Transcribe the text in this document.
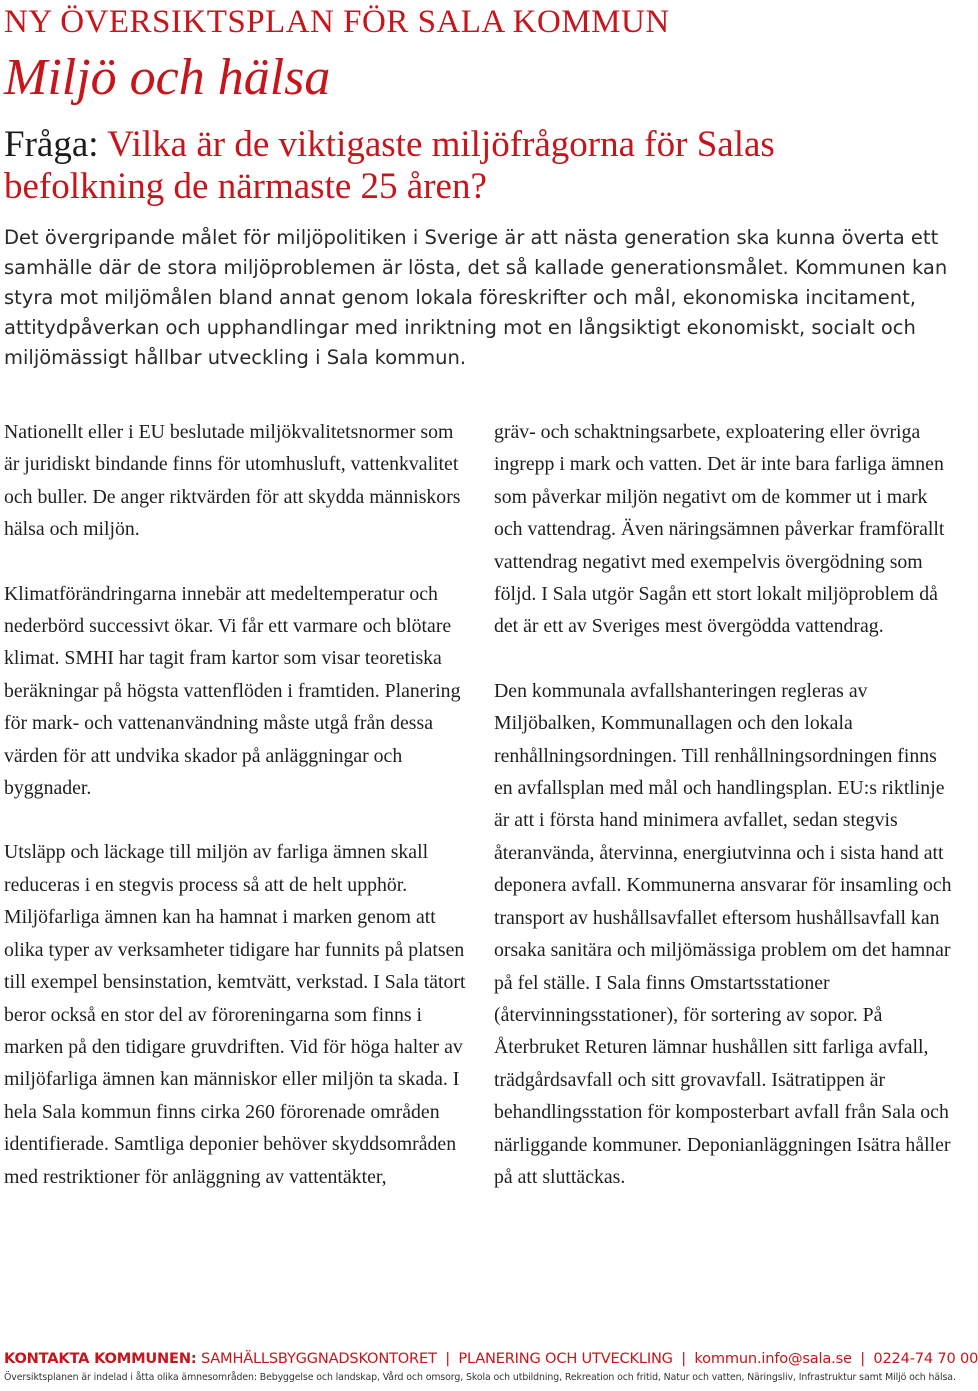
NY ÖVERSIKTSPLAN FÖR SALA KOMMUN
Miljö och hälsa
Fråga: Vilka är de viktigaste miljöfrågorna för Salas befolkning de närmaste 25 åren?
Det övergripande målet för miljöpolitiken i Sverige är att nästa generation ska kunna överta ett samhälle där de stora miljöproblemen är lösta, det så kallade generationsmålet. Kommunen kan styra mot miljömålen bland annat genom lokala föreskrifter och mål, ekonomiska incitament, attitydpåverkan och upphandlingar med inriktning mot en långsiktigt ekonomiskt, socialt och miljömässigt hållbar utveckling i Sala kommun.

Nationellt eller i EU beslutade miljökvalitetsnormer som är juridiskt bindande finns för utomhusluft, vattenkvalitet och buller. De anger riktvärden för att skydda människors hälsa och miljön.

Klimatförändringarna innebär att medeltemperatur och nederbörd successivt ökar. Vi får ett varmare och blötare klimat. SMHI har tagit fram kartor som visar teoretiska beräkningar på högsta vattenflöden i framtiden. Planering för mark- och vattenanvändning måste utgå från dessa värden för att undvika skador på anläggningar och byggnader.

Utsläpp och läckage till miljön av farliga ämnen skall reduceras i en stegvis process så att de helt upphör. Miljöfarliga ämnen kan ha hamnat i marken genom att olika typer av verksamheter tidigare har funnits på platsen till exempel bensinstation, kemtvätt, verkstad. I Sala tätort beror också en stor del av föroreningarna som finns i marken på den tidigare gruvdriften. Vid för höga halter av miljöfarliga ämnen kan människor eller miljön ta skada. I hela Sala kommun finns cirka 260 förorenade områden identifierade. Samtliga deponier behöver skyddsområden med restriktioner för anläggning av vattentäkter,

gräv- och schaktningsarbete, exploatering eller övriga ingrepp i mark och vatten. Det är inte bara farliga ämnen som påverkar miljön negativt om de kommer ut i mark och vattendrag. Även näringsämnen påverkar framförallt vattendrag negativt med exempelvis övergödning som följd. I Sala utgör Sagån ett stort lokalt miljöproblem då det är ett av Sveriges mest övergödda vattendrag.

Den kommunala avfallshanteringen regleras av Miljöbalken, Kommunallagen och den lokala renhållningsordningen. Till renhållningsordningen finns en avfallsplan med mål och handlingsplan. EU:s riktlinje är att i första hand minimera avfallet, sedan stegvis återanvända, återvinna, energiutvinna och i sista hand att deponera avfall. Kommunerna ansvarar för insamling och transport av hushållsavfallet eftersom hushållsavfall kan orsaka sanitära och miljömässiga problem om det hamnar på fel ställe. I Sala finns Omstartsstationer (återvinningsstationer), för sortering av sopor. På Återbruket Returen lämnar hushållen sitt farliga avfall, trädgårdsavfall och sitt grovavfall. Isätratippen är behandlingsstation för komposterbart avfall från Sala och närliggande kommuner. Deponianläggningen Isätra håller på att sluttäckas.

KONTAKTA KOMMUNEN: SAMHÄLLSBYGGNADSKONTORET | PLANERING OCH UTVECKLING | kommun.info@sala.se | 0224-74 70 00
Översiktsplanen är indelad i åtta olika ämnesområden: Bebyggelse och landskap, Vård och omsorg, Skola och utbildning, Rekreation och fritid, Natur och vatten, Näringsliv, Infrastruktur samt Miljö och hälsa.
